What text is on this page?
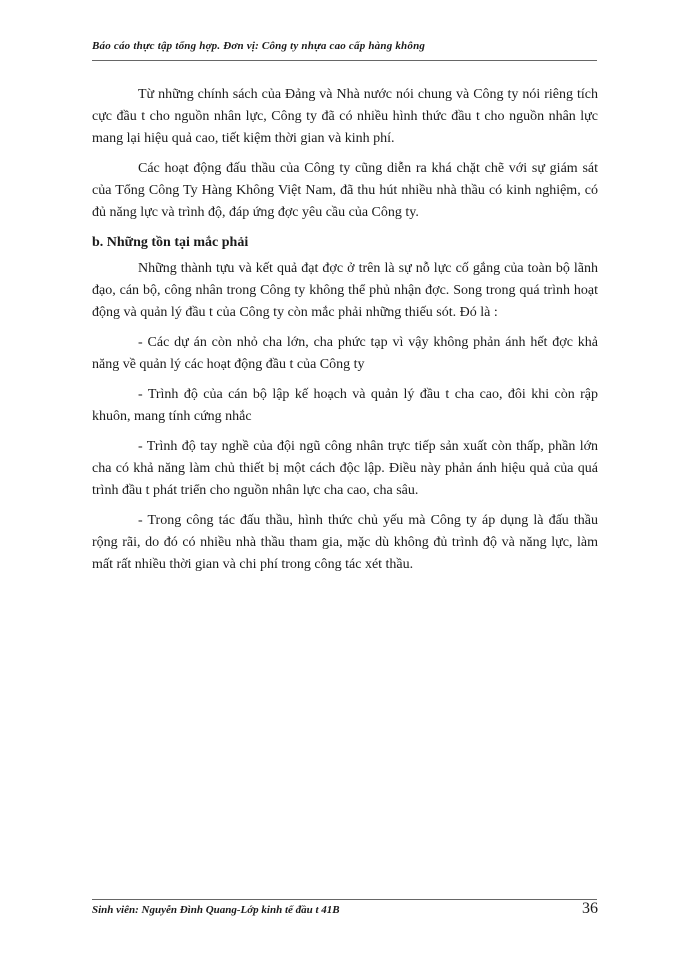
Báo cáo thực tập tổng hợp. Đơn vị: Công ty nhựa cao cấp hàng không

Từ những chính sách của Đảng và Nhà nước nói chung và Công ty nói riêng tích cực đầu t cho nguồn nhân lực, Công ty đã có nhiều hình thức đầu t cho nguồn nhân lực mang lại hiệu quả cao, tiết kiệm thời gian và kinh phí.

Các hoạt động đấu thầu của Công ty cũng diễn ra khá chặt chẽ với sự giám sát của Tổng Công Ty Hàng Không Việt Nam, đã thu hút nhiều nhà thầu có kinh nghiệm, có đủ năng lực và trình độ, đáp ứng đợc yêu cầu của Công ty.

b. Những tồn tại mắc phải

Những thành tựu và kết quả đạt đợc ở trên là sự nỗ lực cố gắng của toàn bộ lãnh đạo, cán bộ, công nhân trong Công ty không thể phủ nhận đợc. Song trong quá trình hoạt động và quản lý đầu t của Công ty còn mắc phải những thiếu sót. Đó là :

- Các dự án còn nhỏ cha lớn, cha phức tạp vì vậy không phản ánh hết đợc khả năng về quản lý các hoạt động đầu t của Công ty

- Trình độ của cán bộ lập kế hoạch và quản lý đầu t cha cao, đôi khi còn rập khuôn, mang tính cứng nhắc

- Trình độ tay nghề của đội ngũ công nhân trực tiếp sản xuất còn thấp, phần lớn cha có khả năng làm chủ thiết bị một cách độc lập. Điều này phản ánh hiệu quả của quá trình đầu t phát triển cho nguồn nhân lực cha cao, cha sâu.

- Trong công tác đấu thầu, hình thức chủ yếu mà Công ty áp dụng là đấu thầu rộng rãi, do đó có nhiều nhà thầu tham gia, mặc dù không đủ trình độ và năng lực, làm mất rất nhiều thời gian và chi phí trong công tác xét thầu.

Sinh viên: Nguyễn Đình Quang-Lớp kinh tế đầu t 41B	36
